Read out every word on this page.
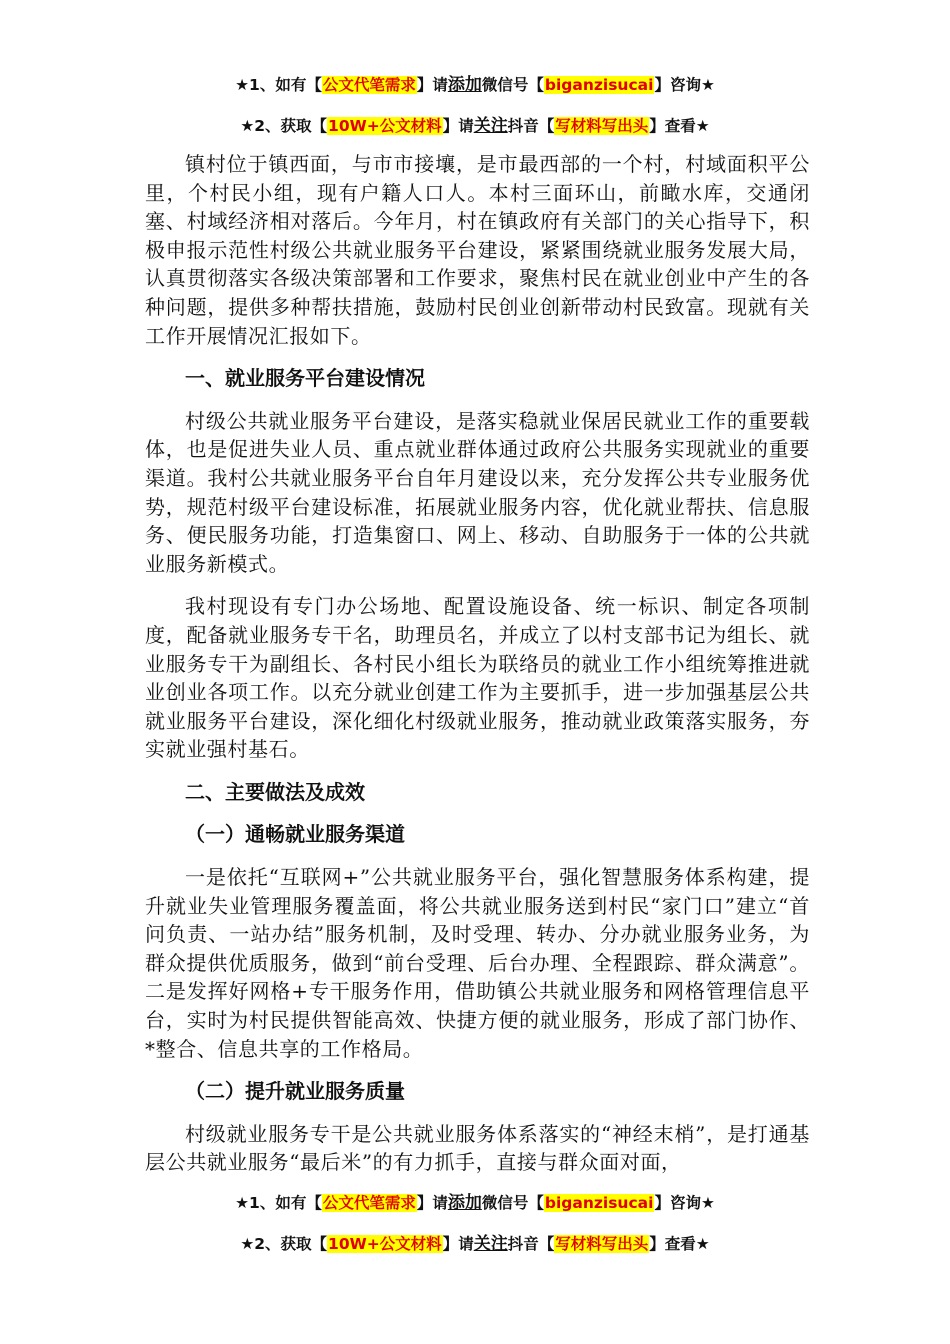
★1、如有【公文代笔需求】请添加微信号【biganzisucai】咨询★
★2、获取【10W+公文材料】请关注抖音【写材料写出头】查看★

镇村位于镇西面，与市市接壤，是市最西部的一个村，村域面积平公里，个村民小组，现有户籍人口人。本村三面环山，前瞰水库，交通闭塞、村域经济相对落后。今年月，村在镇政府有关部门的关心指导下，积极申报示范性村级公共就业服务平台建设，紧紧围绕就业服务发展大局，认真贯彻落实各级决策部署和工作要求，聚焦村民在就业创业中产生的各种问题，提供多种帮扶措施，鼓励村民创业创新带动村民致富。现就有关工作开展情况汇报如下。

一、就业服务平台建设情况

村级公共就业服务平台建设，是落实稳就业保居民就业工作的重要载体，也是促进失业人员、重点就业群体通过政府公共服务实现就业的重要渠道。我村公共就业服务平台自年月建设以来，充分发挥公共专业服务优势，规范村级平台建设标准，拓展就业服务内容，优化就业帮扶、信息服务、便民服务功能，打造集窗口、网上、移动、自助服务于一体的公共就业服务新模式。

我村现设有专门办公场地、配置设施设备、统一标识、制定各项制度，配备就业服务专干名，助理员名，并成立了以村支部书记为组长、就业服务专干为副组长、各村民小组长为联络员的就业工作小组统筹推进就业创业各项工作。以充分就业创建工作为主要抓手，进一步加强基层公共就业服务平台建设，深化细化村级就业服务，推动就业政策落实服务，夯实就业强村基石。

二、主要做法及成效
（一）通畅就业服务渠道

一是依托“互联网+”公共就业服务平台，强化智慧服务体系构建，提升就业失业管理服务覆盖面，将公共就业服务送到村民“家门口”建立“首问负责、一站办结”服务机制，及时受理、转办、分办就业服务业务，为群众提供优质服务，做到“前台受理、后台办理、全程跟踪、群众满意”。二是发挥好网格+专干服务作用，借助镇公共就业服务和网格管理信息平台，实时为村民提供智能高效、快捷方便的就业服务，形成了部门协作、*整合、信息共享的工作格局。

（二）提升就业服务质量

村级就业服务专干是公共就业服务体系落实的“神经末梢”，是打通基层公共就业服务“最后米”的有力抓手，直接与群众面对面，

★1、如有【公文代笔需求】请添加微信号【biganzisucai】咨询★
★2、获取【10W+公文材料】请关注抖音【写材料写出头】查看★
